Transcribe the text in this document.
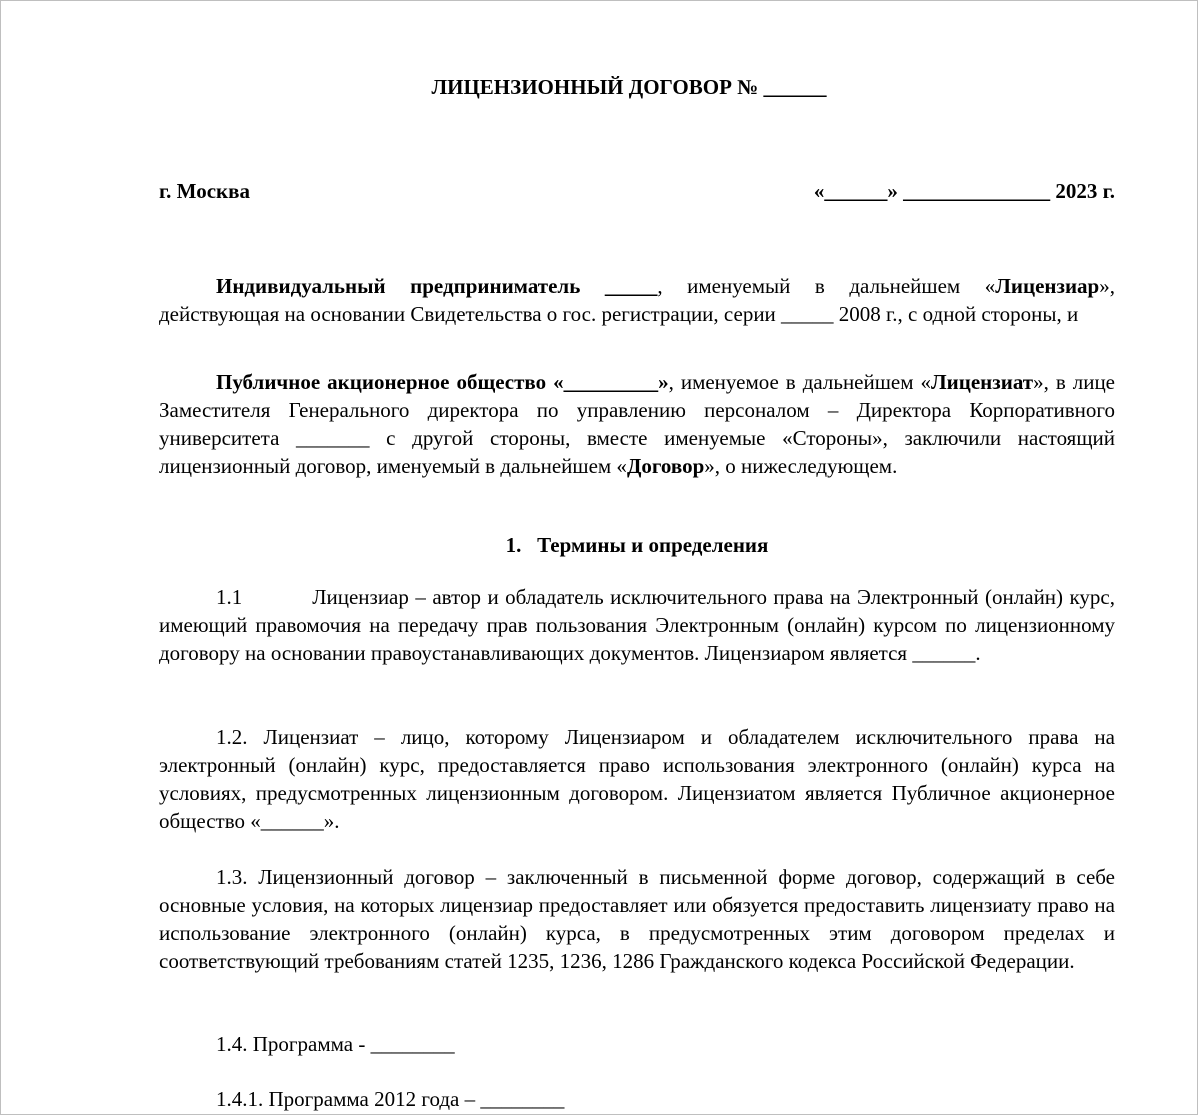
ЛИЦЕНЗИОННЫЙ ДОГОВОР № ______
г. Москва	«______» ______________ 2023 г.

Индивидуальный предприниматель _____, именуемый в дальнейшем «Лицензиар», действующая на основании Свидетельства о гос. регистрации, серии _____ 2008 г., с одной стороны, и

Публичное акционерное общество «_________», именуемое в дальнейшем «Лицензиат», в лице Заместителя Генерального директора по управлению персоналом – Директора Корпоративного университета _______ с другой стороны, вместе именуемые «Стороны», заключили настоящий лицензионный договор, именуемый в дальнейшем «Договор», о нижеследующем.

1.   Термины и определения

1.1	Лицензиар – автор и обладатель исключительного права на Электронный (онлайн) курс, имеющий правомочия на передачу прав пользования Электронным (онлайн) курсом по лицензионному договору на основании правоустанавливающих документов. Лицензиаром является ______.

1.2. Лицензиат – лицо, которому Лицензиаром и обладателем исключительного права на электронный (онлайн) курс, предоставляется право использования электронного (онлайн) курса на условиях, предусмотренных лицензионным договором. Лицензиатом является Публичное акционерное общество «______».

1.3. Лицензионный договор – заключенный в письменной форме договор, содержащий в себе основные условия, на которых лицензиар предоставляет или обязуется предоставить лицензиату право на использование электронного (онлайн) курса, в предусмотренных этим договором пределах и соответствующий требованиям статей 1235, 1236, 1286 Гражданского кодекса Российской Федерации.

1.4. Программа - ________

1.4.1. Программа 2012 года – ________
